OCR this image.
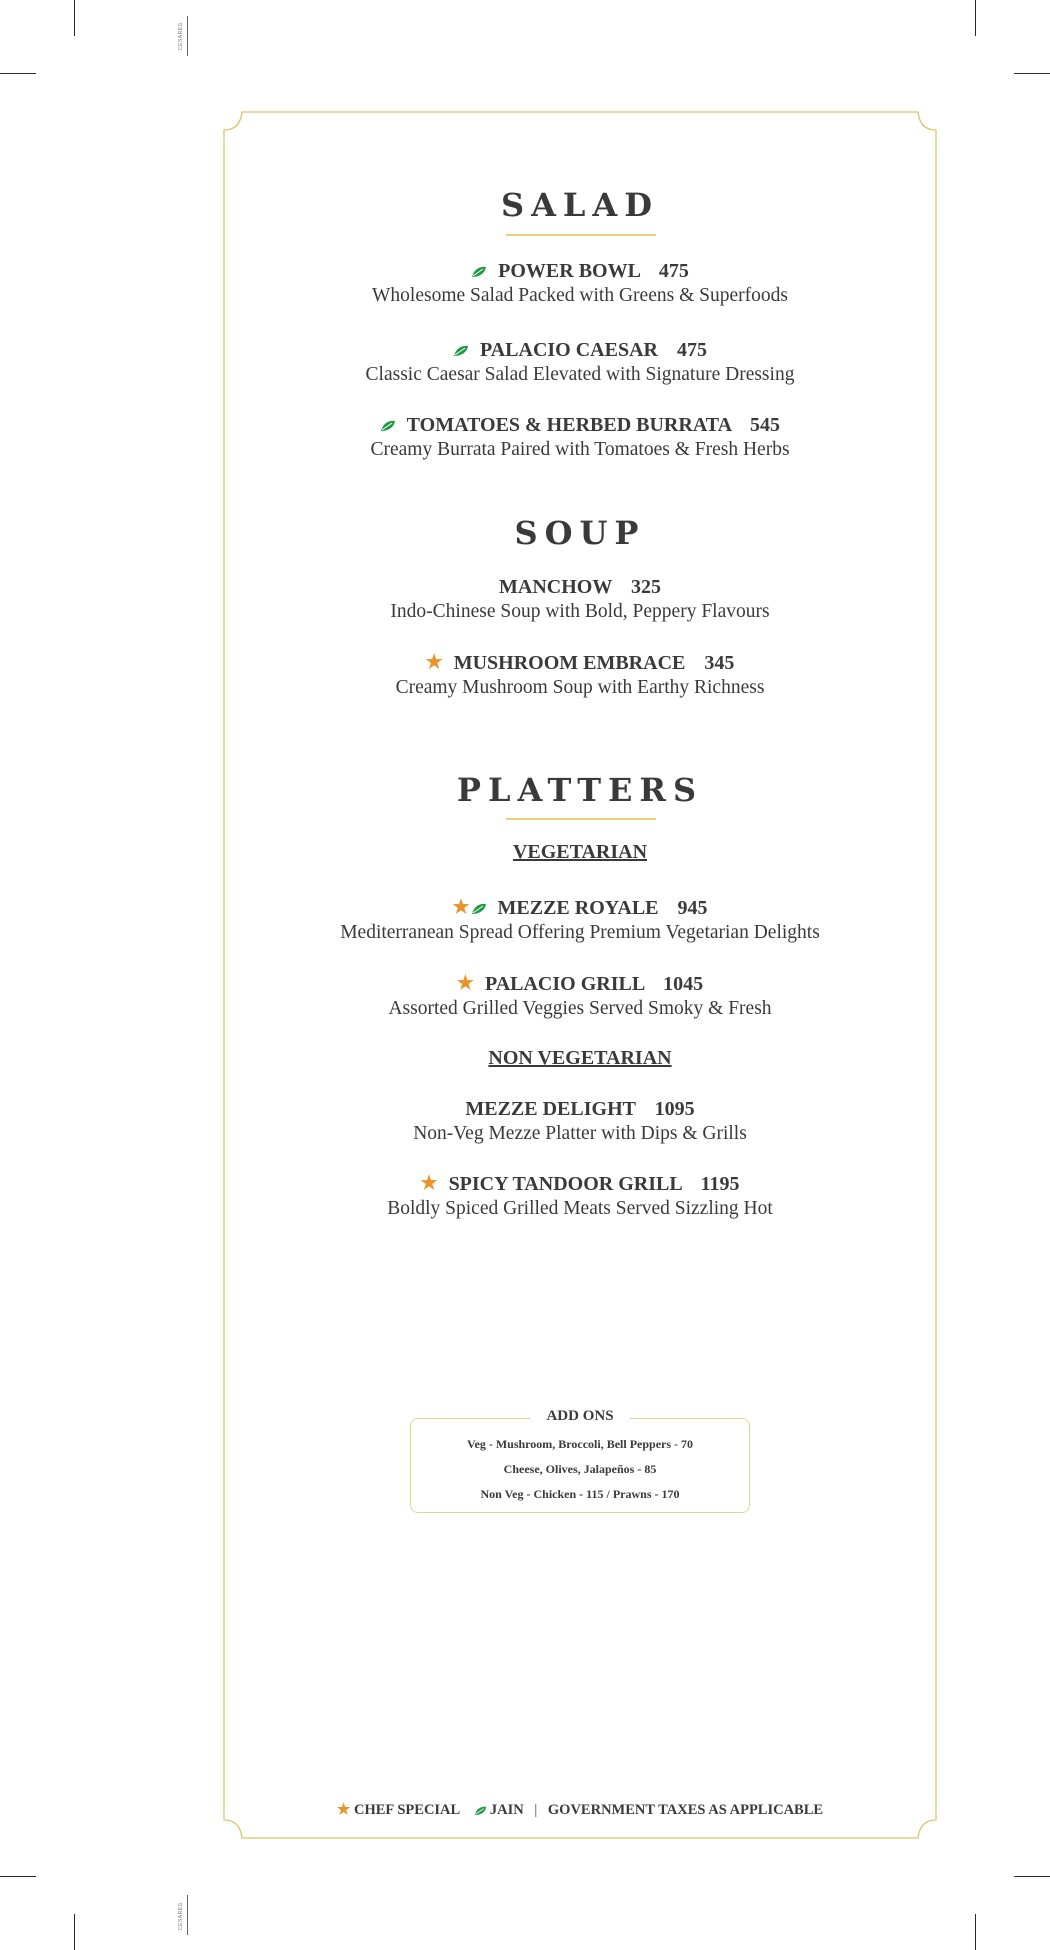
CESAREG
CESAREG
SALAD
POWER BOWL 475
Wholesome Salad Packed with Greens & Superfoods
PALACIO CAESAR 475
Classic Caesar Salad Elevated with Signature Dressing
TOMATOES & HERBED BURRATA 545
Creamy Burrata Paired with Tomatoes & Fresh Herbs
SOUP
MANCHOW 325
Indo-Chinese Soup with Bold, Peppery Flavours
★ MUSHROOM EMBRACE 345
Creamy Mushroom Soup with Earthy Richness
PLATTERS
VEGETARIAN
★ MEZZE ROYALE 945
Mediterranean Spread Offering Premium Vegetarian Delights
★ PALACIO GRILL 1045
Assorted Grilled Veggies Served Smoky & Fresh
NON VEGETARIAN
MEZZE DELIGHT 1095
Non-Veg Mezze Platter with Dips & Grills
★ SPICY TANDOOR GRILL 1195
Boldly Spiced Grilled Meats Served Sizzling Hot
ADD ONS
Veg - Mushroom, Broccoli, Bell Peppers - 70
Cheese, Olives, Jalapeños - 85
Non Veg - Chicken - 115 / Prawns - 170
★ CHEF SPECIAL JAIN | GOVERNMENT TAXES AS APPLICABLE
